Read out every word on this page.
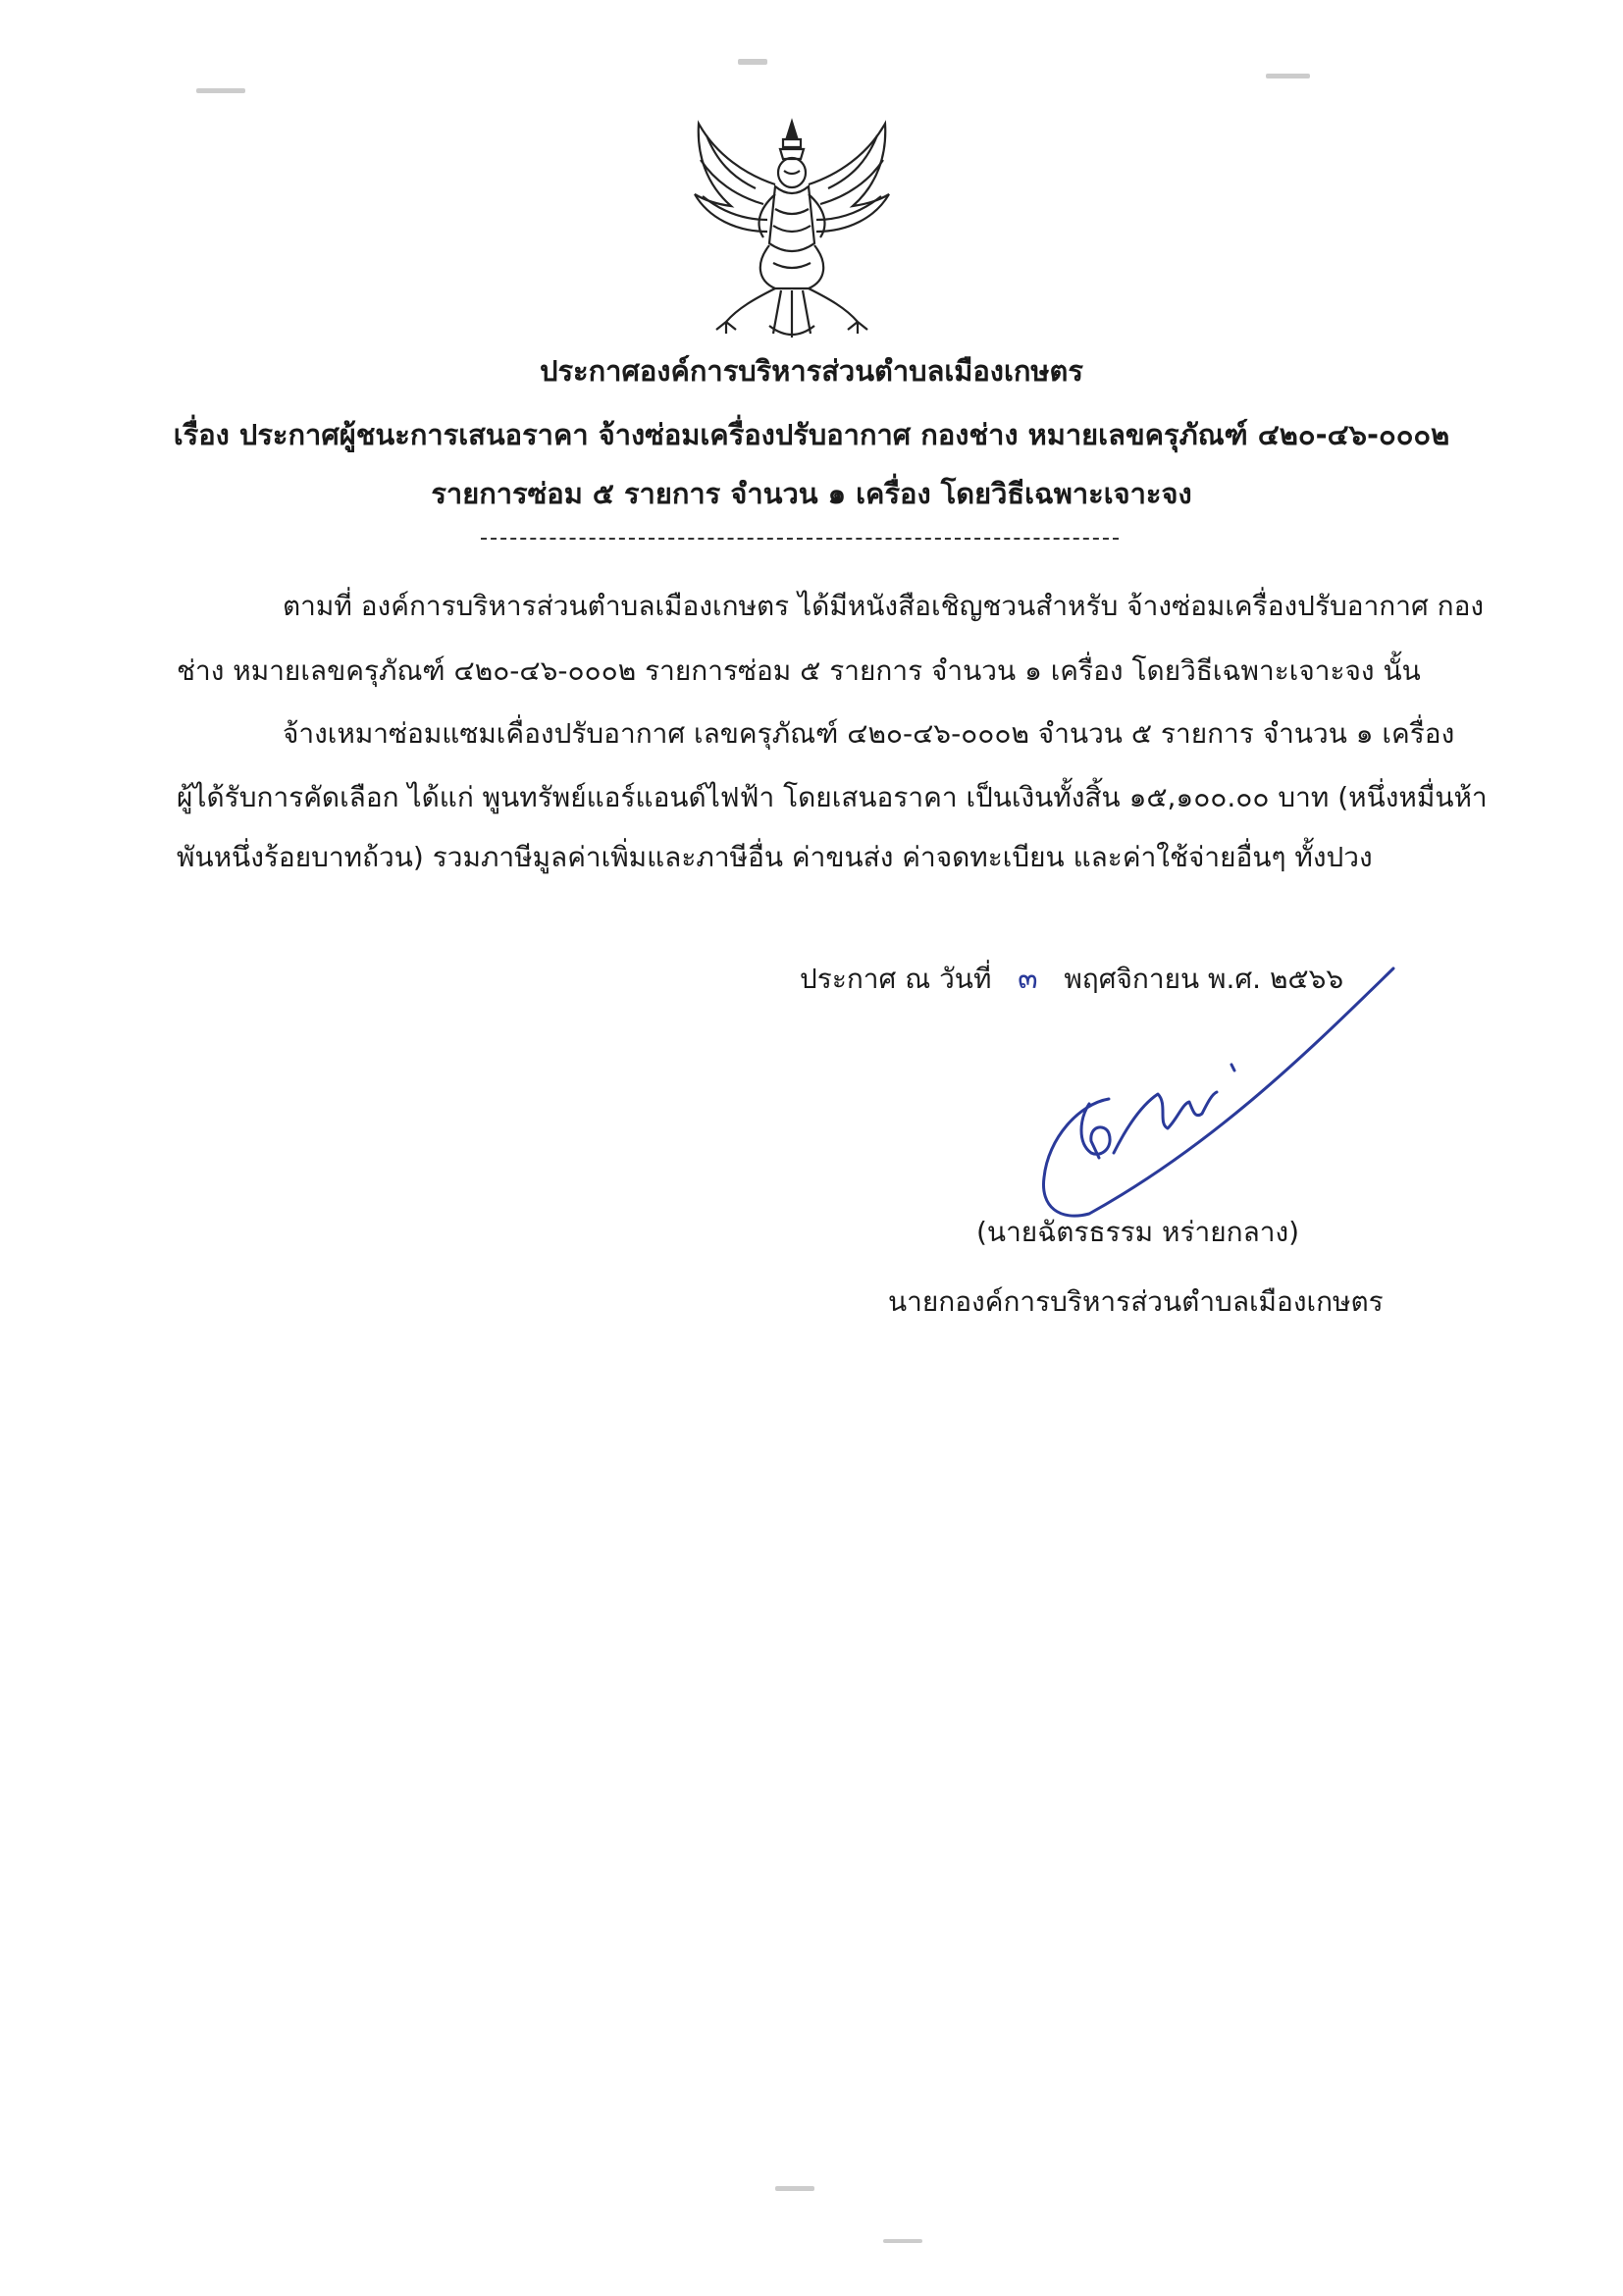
ประกาศองค์การบริหารส่วนตำบลเมืองเกษตร
เรื่อง ประกาศผู้ชนะการเสนอราคา จ้างซ่อมเครื่องปรับอากาศ กองช่าง หมายเลขครุภัณฑ์ ๔๒๐-๔๖-๐๐๐๒
รายการซ่อม ๕ รายการ จำนวน ๑ เครื่อง โดยวิธีเฉพาะเจาะจง
ตามที่ องค์การบริหารส่วนตำบลเมืองเกษตร ได้มีหนังสือเชิญชวนสำหรับ จ้างซ่อมเครื่องปรับอากาศ กอง
ช่าง หมายเลขครุภัณฑ์ ๔๒๐-๔๖-๐๐๐๒ รายการซ่อม ๕ รายการ จำนวน ๑ เครื่อง โดยวิธีเฉพาะเจาะจง นั้น
จ้างเหมาซ่อมแซมเคื่องปรับอากาศ เลขครุภัณฑ์ ๔๒๐-๔๖-๐๐๐๒ จำนวน ๕ รายการ จำนวน ๑ เครื่อง
ผู้ได้รับการคัดเลือก ได้แก่ พูนทรัพย์แอร์แอนด์ไฟฟ้า โดยเสนอราคา เป็นเงินทั้งสิ้น ๑๕,๑๐๐.๐๐ บาท (หนึ่งหมื่นห้า
พันหนึ่งร้อยบาทถ้วน) รวมภาษีมูลค่าเพิ่มและภาษีอื่น ค่าขนส่ง ค่าจดทะเบียน และค่าใช้จ่ายอื่นๆ ทั้งปวง
ประกาศ ณ วันที่ ๓ พฤศจิกายน พ.ศ. ๒๕๖๖
(นายฉัตรธรรม หร่ายกลาง)
นายกองค์การบริหารส่วนตำบลเมืองเกษตร
